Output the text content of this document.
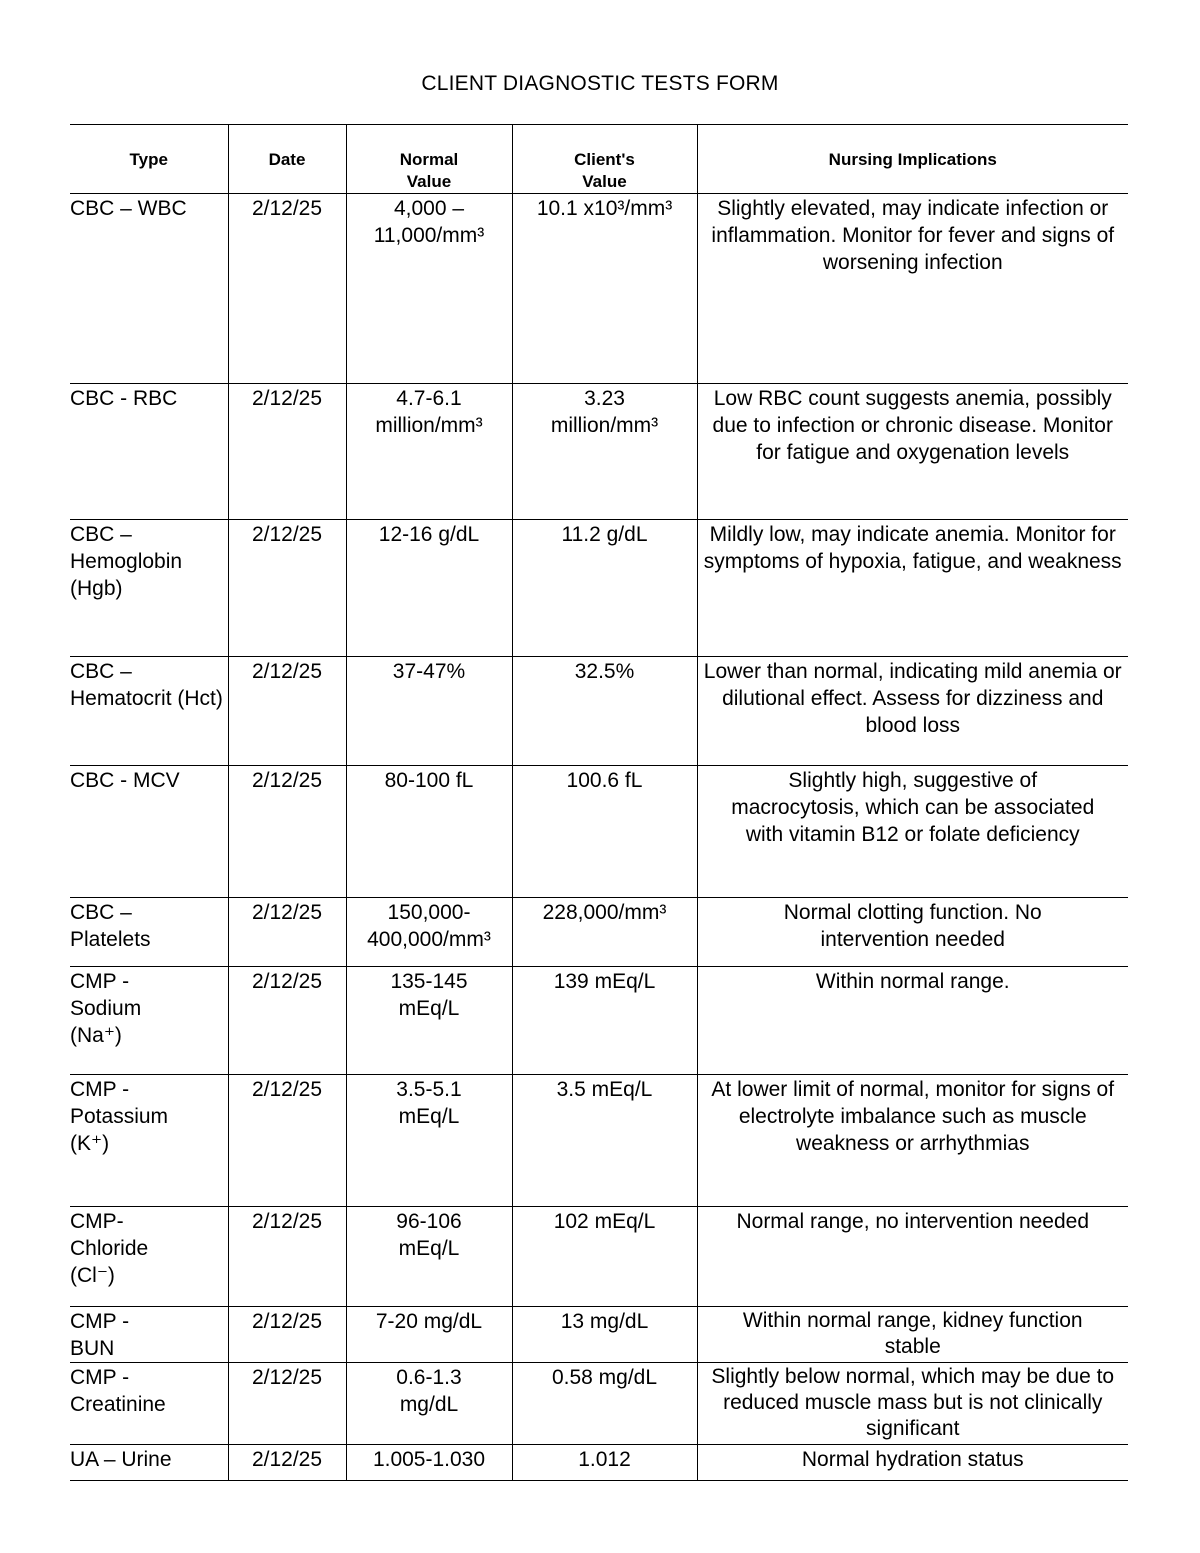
CLIENT DIAGNOSTIC TESTS FORM
Type	Date	Normal Value	Client's Value	Nursing Implications
CBC – WBC	2/12/25	4,000 – 11,000/mm³	10.1 x10³/mm³	Slightly elevated, may indicate infection or inflammation. Monitor for fever and signs of worsening infection
CBC - RBC	2/12/25	4.7-6.1 million/mm³	3.23 million/mm³	Low RBC count suggests anemia, possibly due to infection or chronic disease. Monitor for fatigue and oxygenation levels
CBC – Hemoglobin (Hgb)	2/12/25	12-16 g/dL	11.2 g/dL	Mildly low, may indicate anemia. Monitor for symptoms of hypoxia, fatigue, and weakness
CBC – Hematocrit (Hct)	2/12/25	37-47%	32.5%	Lower than normal, indicating mild anemia or dilutional effect. Assess for dizziness and blood loss
CBC - MCV	2/12/25	80-100 fL	100.6 fL	Slightly high, suggestive of macrocytosis, which can be associated with vitamin B12 or folate deficiency
CBC – Platelets	2/12/25	150,000-400,000/mm³	228,000/mm³	Normal clotting function. No intervention needed
CMP - Sodium (Na⁺)	2/12/25	135-145 mEq/L	139 mEq/L	Within normal range.
CMP - Potassium (K⁺)	2/12/25	3.5-5.1 mEq/L	3.5 mEq/L	At lower limit of normal, monitor for signs of electrolyte imbalance such as muscle weakness or arrhythmias
CMP-Chloride (Cl⁻)	2/12/25	96-106 mEq/L	102 mEq/L	Normal range, no intervention needed
CMP - BUN	2/12/25	7-20 mg/dL	13 mg/dL	Within normal range, kidney function stable
CMP - Creatinine	2/12/25	0.6-1.3 mg/dL	0.58 mg/dL	Slightly below normal, which may be due to reduced muscle mass but is not clinically significant
UA – Urine	2/12/25	1.005-1.030	1.012	Normal hydration status
